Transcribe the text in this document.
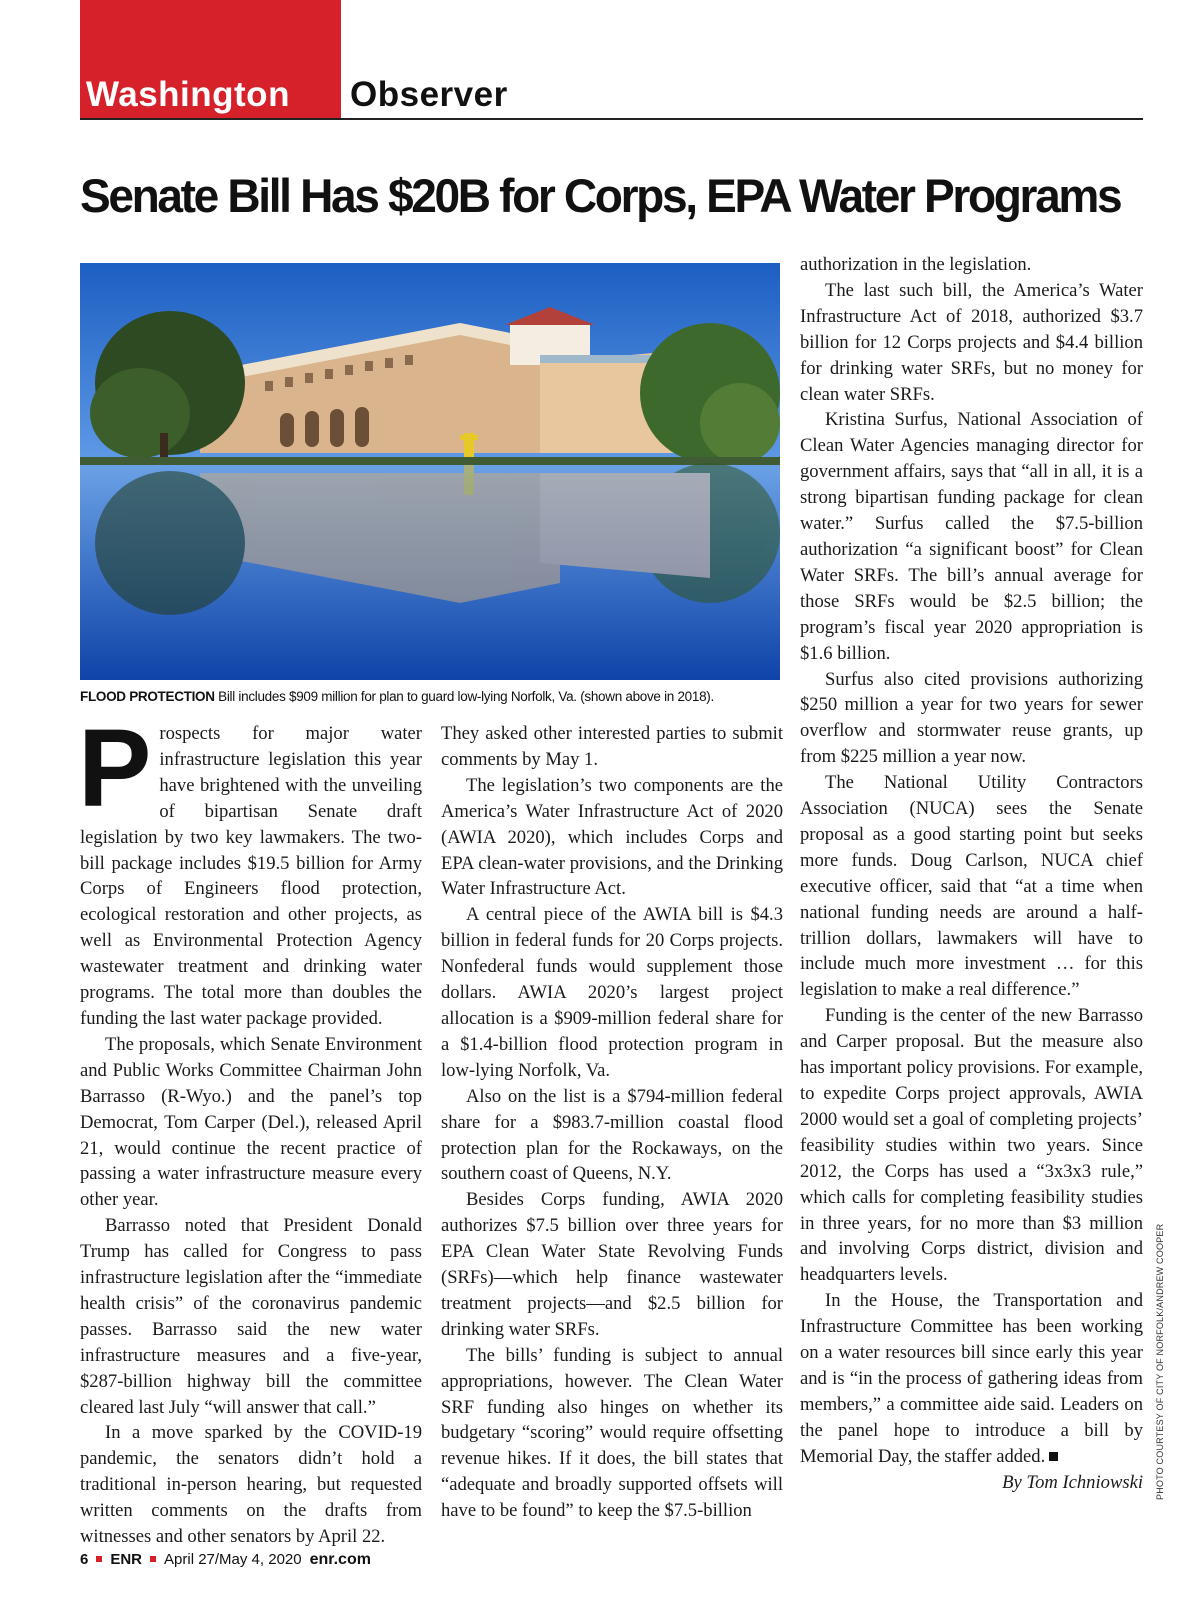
Washington Observer
Senate Bill Has $20B for Corps, EPA Water Programs
FLOOD PROTECTION Bill includes $909 million for plan to guard low-lying Norfolk, Va. (shown above in 2018).

Prospects for major water infrastructure legislation this year have brightened with the unveiling of bipartisan Senate draft legislation by two key lawmakers. The two-bill package includes $19.5 billion for Army Corps of Engineers flood protection, ecological restoration and other projects, as well as Environmental Protection Agency wastewater treatment and drinking water programs. The total more than doubles the funding the last water package provided.

The proposals, which Senate Environment and Public Works Committee Chairman John Barrasso (R-Wyo.) and the panel’s top Democrat, Tom Carper (Del.), released April 21, would continue the recent practice of passing a water infrastructure measure every other year.

Barrasso noted that President Donald Trump has called for Congress to pass infrastructure legislation after the “immediate health crisis” of the coronavirus pandemic passes. Barrasso said the new water infrastructure measures and a five-year, $287-billion highway bill the committee cleared last July “will answer that call.”

In a move sparked by the COVID-19 pandemic, the senators didn’t hold a traditional in-person hearing, but requested written comments on the drafts from witnesses and other senators by April 22.

They asked other interested parties to submit comments by May 1.

The legislation’s two components are the America’s Water Infrastructure Act of 2020 (AWIA 2020), which includes Corps and EPA clean-water provisions, and the Drinking Water Infrastructure Act.

A central piece of the AWIA bill is $4.3 billion in federal funds for 20 Corps projects. Nonfederal funds would supplement those dollars. AWIA 2020’s largest project allocation is a $909-million federal share for a $1.4-billion flood protection program in low-lying Norfolk, Va.

Also on the list is a $794-million federal share for a $983.7-million coastal flood protection plan for the Rockaways, on the southern coast of Queens, N.Y.

Besides Corps funding, AWIA 2020 authorizes $7.5 billion over three years for EPA Clean Water State Revolving Funds (SRFs)—which help finance wastewater treatment projects—and $2.5 billion for drinking water SRFs.

The bills’ funding is subject to annual appropriations, however. The Clean Water SRF funding also hinges on whether its budgetary “scoring” would require offsetting revenue hikes. If it does, the bill states that “adequate and broadly supported offsets will have to be found” to keep the $7.5-billion

authorization in the legislation.

The last such bill, the America’s Water Infrastructure Act of 2018, authorized $3.7 billion for 12 Corps projects and $4.4 billion for drinking water SRFs, but no money for clean water SRFs.

Kristina Surfus, National Association of Clean Water Agencies managing director for government affairs, says that “all in all, it is a strong bipartisan funding package for clean water.” Surfus called the $7.5-billion authorization “a significant boost” for Clean Water SRFs. The bill’s annual average for those SRFs would be $2.5 billion; the program’s fiscal year 2020 appropriation is $1.6 billion.

Surfus also cited provisions authorizing $250 million a year for two years for sewer overflow and stormwater reuse grants, up from $225 million a year now.

The National Utility Contractors Association (NUCA) sees the Senate proposal as a good starting point but seeks more funds. Doug Carlson, NUCA chief executive officer, said that “at a time when national funding needs are around a half-trillion dollars, lawmakers will have to include much more investment … for this legislation to make a real difference.”

Funding is the center of the new Barrasso and Carper proposal. But the measure also has important policy provisions. For example, to expedite Corps project approvals, AWIA 2000 would set a goal of completing projects’ feasibility studies within two years. Since 2012, the Corps has used a “3x3x3 rule,” which calls for completing feasibility studies in three years, for no more than $3 million and involving Corps district, division and headquarters levels.

In the House, the Transportation and Infrastructure Committee has been working on a water resources bill since early this year and is “in the process of gathering ideas from members,” a committee aide said. Leaders on the panel hope to introduce a bill by Memorial Day, the staffer added.

By Tom Ichniowski PHOTO COURTESY OF CITY OF NORFOLK/ANDREW COOPER
6 ENR April 27/May 4, 2020 enr.com
